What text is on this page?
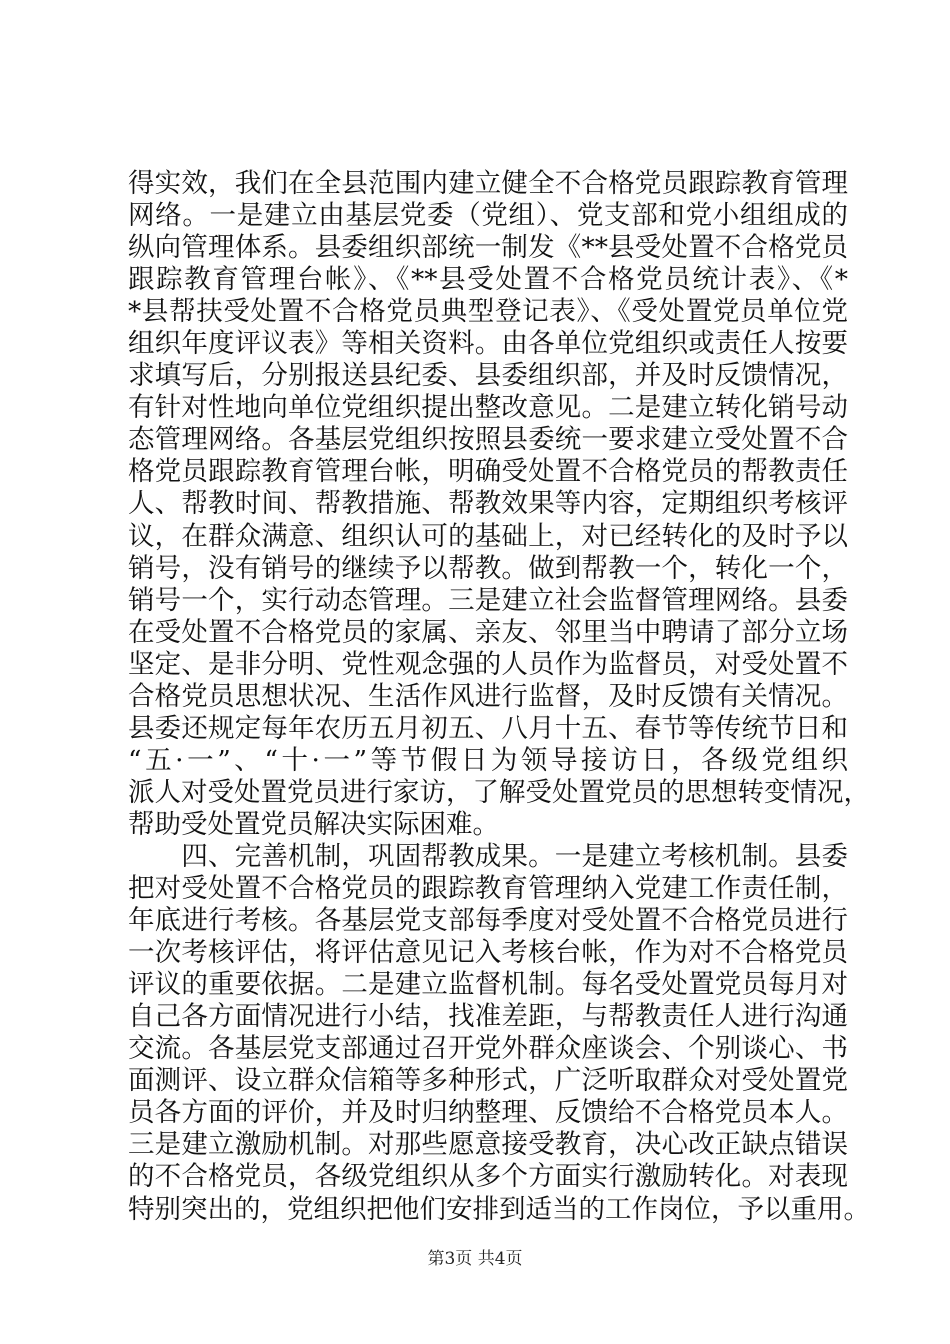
得实效，我们在全县范围内建立健全不合格党员跟踪教育管理
网络。一是建立由基层党委（党组）、党支部和党小组组成的
纵向管理体系。县委组织部统一制发《**县受处置不合格党员
跟踪教育管理台帐》、《**县受处置不合格党员统计表》、《*
*县帮扶受处置不合格党员典型登记表》、《受处置党员单位党
组织年度评议表》等相关资料。由各单位党组织或责任人按要
求填写后，分别报送县纪委、县委组织部，并及时反馈情况，
有针对性地向单位党组织提出整改意见。二是建立转化销号动
态管理网络。各基层党组织按照县委统一要求建立受处置不合
格党员跟踪教育管理台帐，明确受处置不合格党员的帮教责任
人、帮教时间、帮教措施、帮教效果等内容，定期组织考核评
议，在群众满意、组织认可的基础上，对已经转化的及时予以
销号，没有销号的继续予以帮教。做到帮教一个，转化一个，
销号一个，实行动态管理。三是建立社会监督管理网络。县委
在受处置不合格党员的家属、亲友、邻里当中聘请了部分立场
坚定、是非分明、党性观念强的人员作为监督员，对受处置不
合格党员思想状况、生活作风进行监督，及时反馈有关情况。
县委还规定每年农历五月初五、八月十五、春节等传统节日和
“五·一”、“十·一”等节假日为领导接访日，各级党组织
派人对受处置党员进行家访，了解受处置党员的思想转变情况，
帮助受处置党员解决实际困难。
　　四、完善机制，巩固帮教成果。一是建立考核机制。县委
把对受处置不合格党员的跟踪教育管理纳入党建工作责任制，
年底进行考核。各基层党支部每季度对受处置不合格党员进行
一次考核评估，将评估意见记入考核台帐，作为对不合格党员
评议的重要依据。二是建立监督机制。每名受处置党员每月对
自己各方面情况进行小结，找准差距，与帮教责任人进行沟通
交流。各基层党支部通过召开党外群众座谈会、个别谈心、书
面测评、设立群众信箱等多种形式，广泛听取群众对受处置党
员各方面的评价，并及时归纳整理、反馈给不合格党员本人。
三是建立激励机制。对那些愿意接受教育，决心改正缺点错误
的不合格党员，各级党组织从多个方面实行激励转化。对表现
特别突出的，党组织把他们安排到适当的工作岗位，予以重用。
第3页 共4页
